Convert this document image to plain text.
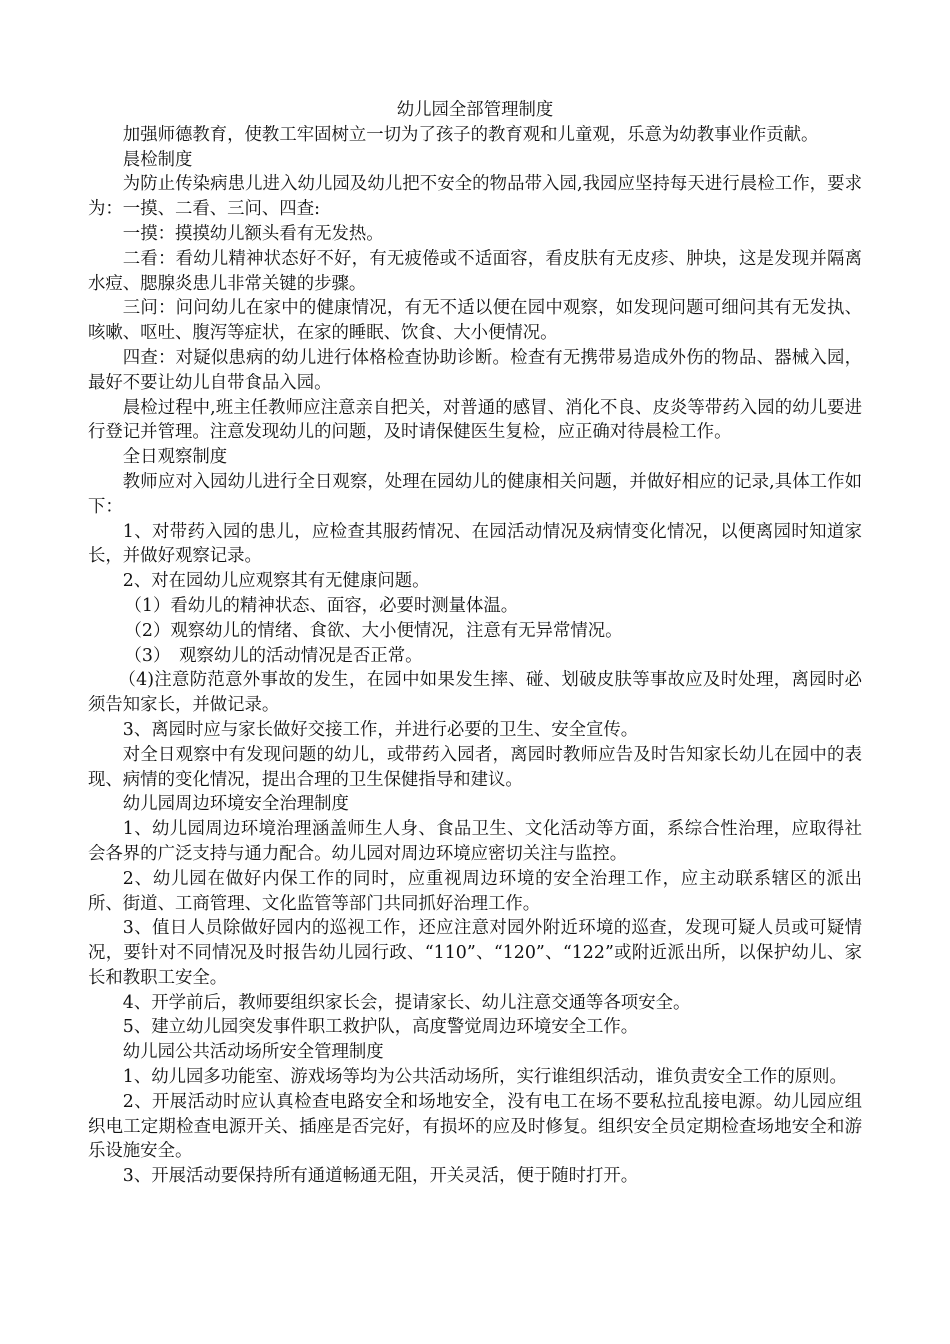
幼儿园全部管理制度

加强师德教育，使教工牢固树立一切为了孩子的教育观和儿童观，乐意为幼教事业作贡献。

晨检制度

为防止传染病患儿进入幼儿园及幼儿把不安全的物品带入园,我园应坚持每天进行晨检工作，要求为：一摸、二看、三问、四查:

一摸：摸摸幼儿额头看有无发热。

二看：看幼儿精神状态好不好，有无疲倦或不适面容，看皮肤有无皮疹、肿块，这是发现并隔离水痘、腮腺炎患儿非常关键的步骤。

三问：问问幼儿在家中的健康情况，有无不适以便在园中观察，如发现问题可细问其有无发执、咳嗽、呕吐、腹泻等症状，在家的睡眠、饮食、大小便情况。

四查：对疑似患病的幼儿进行体格检查协助诊断。检查有无携带易造成外伤的物品、器械入园，最好不要让幼儿自带食品入园。

晨检过程中,班主任教师应注意亲自把关，对普通的感冒、消化不良、皮炎等带药入园的幼儿要进行登记并管理。注意发现幼儿的问题，及时请保健医生复检，应正确对待晨检工作。

全日观察制度

教师应对入园幼儿进行全日观察，处理在园幼儿的健康相关问题，并做好相应的记录,具体工作如下：

1、对带药入园的患儿，应检查其服药情况、在园活动情况及病情变化情况，以便离园时知道家长，并做好观察记录。

2、对在园幼儿应观察其有无健康问题。

（1）看幼儿的精神状态、面容，必要时测量体温。

（2）观察幼儿的情绪、食欲、大小便情况，注意有无异常情况。

（3）　观察幼儿的活动情况是否正常。

（4)注意防范意外事故的发生，在园中如果发生摔、碰、划破皮肤等事故应及时处理，离园时必须告知家长，并做记录。

3、离园时应与家长做好交接工作，并进行必要的卫生、安全宣传。

对全日观察中有发现问题的幼儿，或带药入园者，离园时教师应告及时告知家长幼儿在园中的表现、病情的变化情况，提出合理的卫生保健指导和建议。

幼儿园周边环境安全治理制度

1、幼儿园周边环境治理涵盖师生人身、食品卫生、文化活动等方面，系综合性治理，应取得社会各界的广泛支持与通力配合。幼儿园对周边环境应密切关注与监控。

2、幼儿园在做好内保工作的同时，应重视周边环境的安全治理工作，应主动联系辖区的派出所、街道、工商管理、文化监管等部门共同抓好治理工作。

3、值日人员除做好园内的巡视工作，还应注意对园外附近环境的巡查，发现可疑人员或可疑情况，要针对不同情况及时报告幼儿园行政、“110”、“120”、“122”或附近派出所，以保护幼儿、家长和教职工安全。

4、开学前后，教师要组织家长会，提请家长、幼儿注意交通等各项安全。

5、建立幼儿园突发事件职工救护队，高度警觉周边环境安全工作。

幼儿园公共活动场所安全管理制度

1、幼儿园多功能室、游戏场等均为公共活动场所，实行谁组织活动，谁负责安全工作的原则。

2、开展活动时应认真检查电路安全和场地安全，没有电工在场不要私拉乱接电源。幼儿园应组织电工定期检查电源开关、插座是否完好，有损坏的应及时修复。组织安全员定期检查场地安全和游乐设施安全。

3、开展活动要保持所有通道畅通无阻，开关灵活，便于随时打开。
